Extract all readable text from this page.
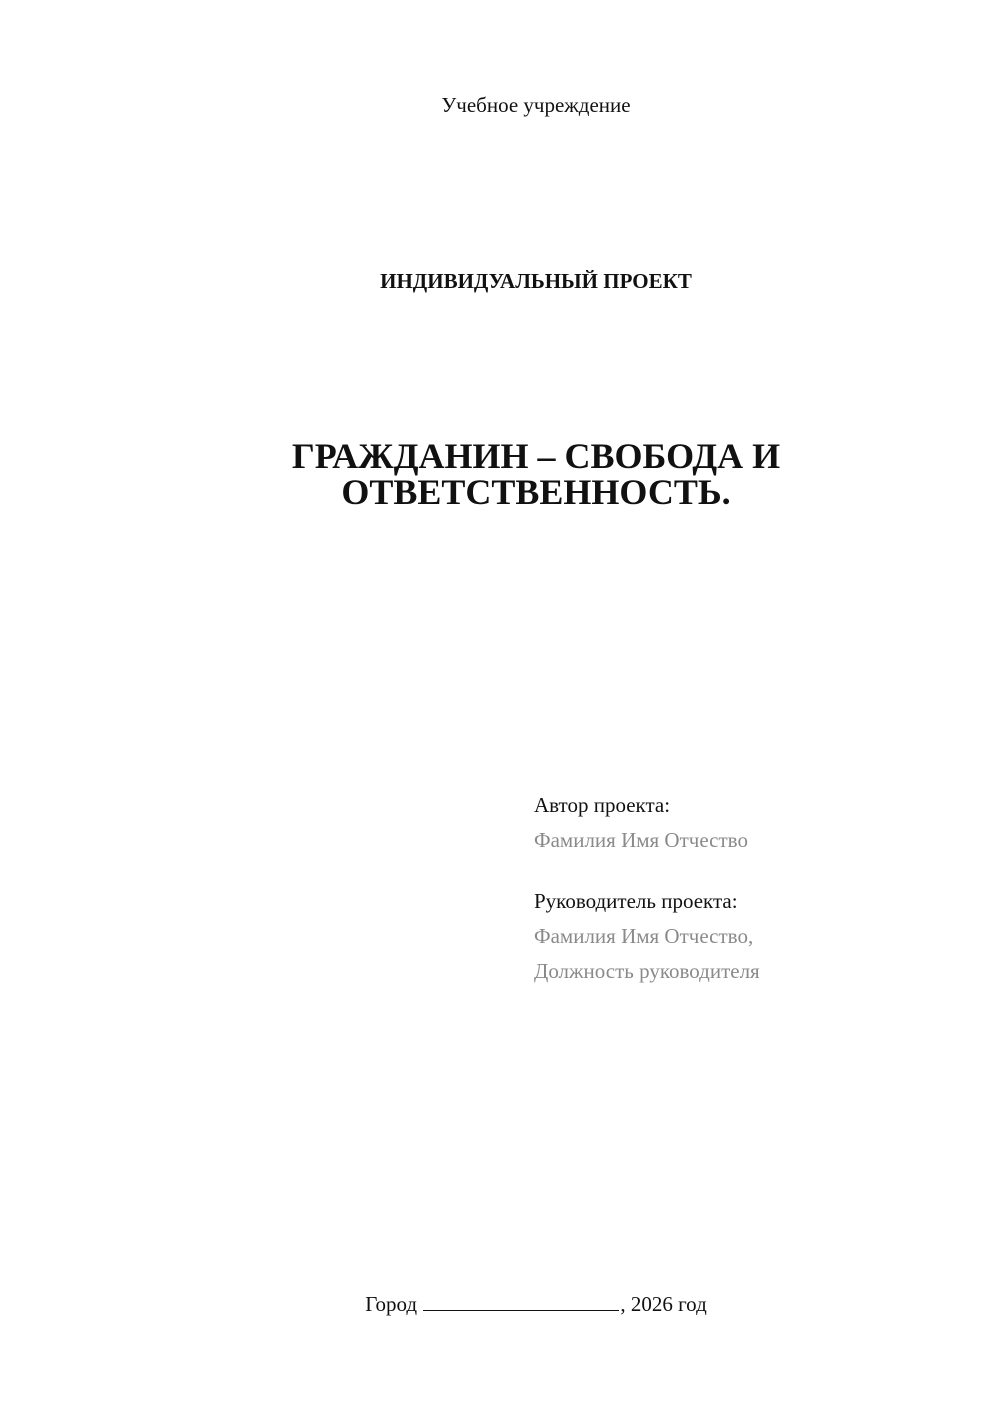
Учебное учреждение
ИНДИВИДУАЛЬНЫЙ ПРОЕКТ
ГРАЖДАНИН – СВОБОДА И
ОТВЕТСТВЕННОСТЬ.
Автор проекта:
Фамилия Имя Отчество
Руководитель проекта:
Фамилия Имя Отчество,
Должность руководителя
Город	, 2026 год
